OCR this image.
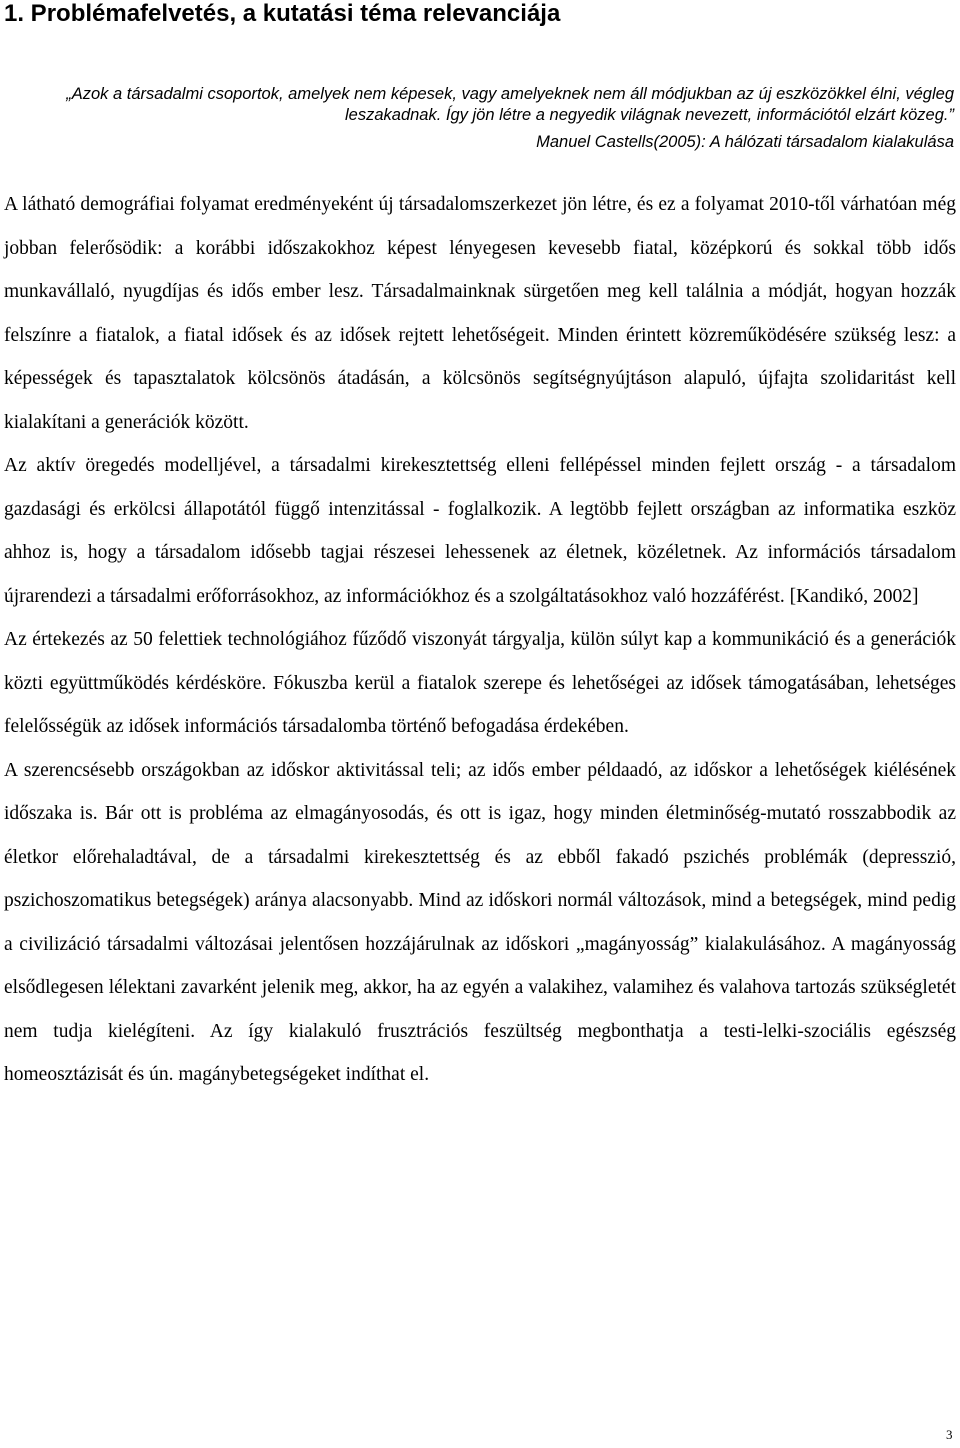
1. Problémafelvetés, a kutatási téma relevanciája

„Azok a társadalmi csoportok, amelyek nem képesek, vagy amelyeknek nem áll módjukban az új eszközökkel élni, végleg leszakadnak. Így jön létre a negyedik világnak nevezett, információtól elzárt közeg.”

Manuel Castells(2005): A hálózati társadalom kialakulása

A látható demográfiai folyamat eredményeként új társadalomszerkezet jön létre, és ez a folyamat 2010-től várhatóan még jobban felerősödik: a korábbi időszakokhoz képest lényegesen kevesebb fiatal, középkorú és sokkal több idős munkavállaló, nyugdíjas és idős ember lesz. Társadalmainknak sürgetően meg kell találnia a módját, hogyan hozzák felszínre a fiatalok, a fiatal idősek és az idősek rejtett lehetőségeit. Minden érintett közreműködésére szükség lesz: a képességek és tapasztalatok kölcsönös átadásán, a kölcsönös segítségnyújtáson alapuló, újfajta szolidaritást kell kialakítani a generációk között.

Az aktív öregedés modelljével, a társadalmi kirekesztettség elleni fellépéssel minden fejlett ország - a társadalom gazdasági és erkölcsi állapotától függő intenzitással - foglalkozik. A legtöbb fejlett országban az informatika eszköz ahhoz is, hogy a társadalom idősebb tagjai részesei lehessenek az életnek, közéletnek. Az információs társadalom újrarendezi a társadalmi erőforrásokhoz, az információkhoz és a szolgáltatásokhoz való hozzáférést. [Kandikó, 2002]

Az értekezés az 50 felettiek technológiához fűződő viszonyát tárgyalja, külön súlyt kap a kommunikáció és a generációk közti együttműködés kérdésköre. Fókuszba kerül a fiatalok szerepe és lehetőségei az idősek támogatásában, lehetséges felelősségük az idősek információs társadalomba történő befogadása érdekében.

A szerencsésebb országokban az időskor aktivitással teli; az idős ember példaadó, az időskor a lehetőségek kiélésének időszaka is. Bár ott is probléma az elmagányosodás, és ott is igaz, hogy minden életminőség-mutató rosszabbodik az életkor előrehaladtával, de a társadalmi kirekesztettség és az ebből fakadó pszichés problémák (depresszió, pszichoszomatikus betegségek) aránya alacsonyabb. Mind az időskori normál változások, mind a betegségek, mind pedig a civilizáció társadalmi változásai jelentősen hozzájárulnak az időskori „magányosság” kialakulásához. A magányosság elsődlegesen lélektani zavarként jelenik meg, akkor, ha az egyén a valakihez, valamihez és valahova tartozás szükségletét nem tudja kielégíteni. Az így kialakuló frusztrációs feszültség megbonthatja a testi-lelki-szociális egészség homeosztázisát és ún. magánybetegségeket indíthat el.

3
